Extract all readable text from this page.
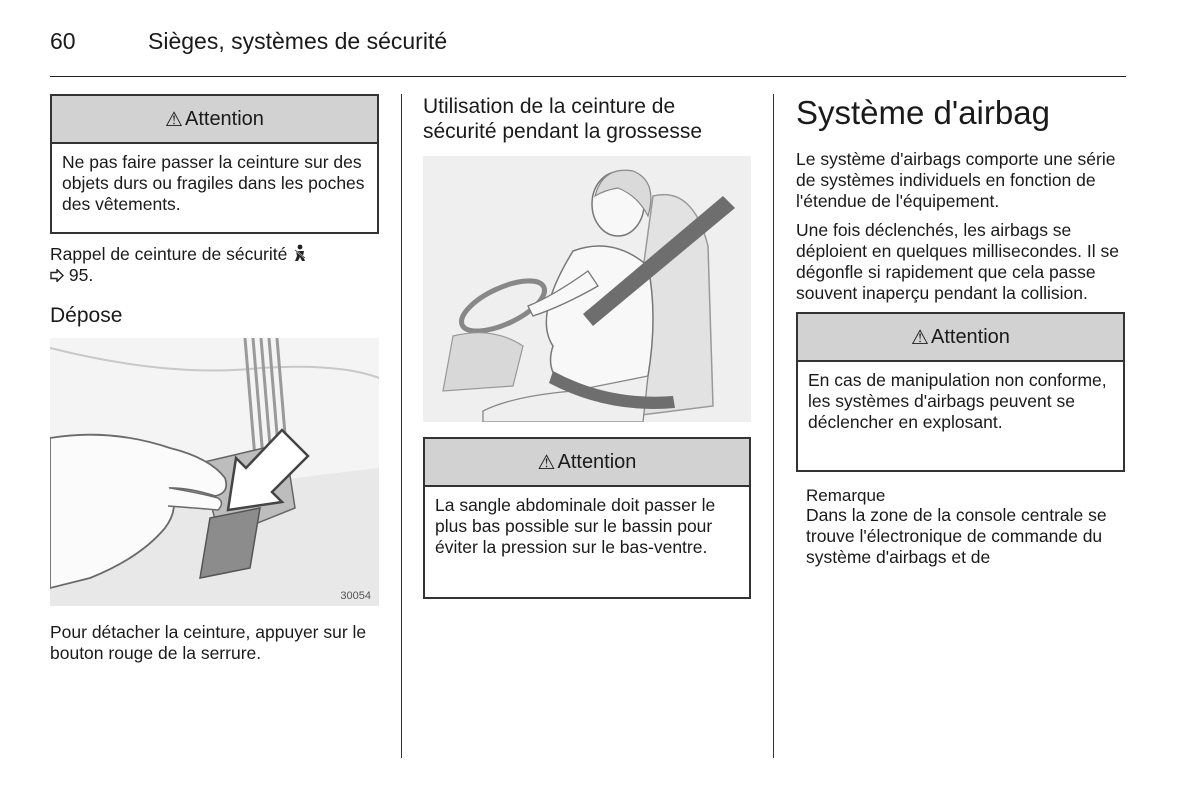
60	Sièges, systèmes de sécurité
⚠ Attention
Ne pas faire passer la ceinture sur des objets durs ou fragiles dans les poches des vêtements.

Rappel de ceinture de sécurité
95.

Dépose
30054

Pour détacher la ceinture, appuyer sur le bouton rouge de la serrure.

Utilisation de la ceinture de sécurité pendant la grossesse
⚠ Attention
La sangle abdominale doit passer le plus bas possible sur le bassin pour éviter la pression sur le bas‑ventre.
Système d'airbag

Le système d'airbags comporte une série de systèmes individuels en fonction de l'étendue de l'équipement.

Une fois déclenchés, les airbags se déploient en quelques millisecondes. Il se dégonfle si rapidement que cela passe souvent inaperçu pendant la collision.

⚠ Attention
En cas de manipulation non conforme, les systèmes d'airbags peuvent se déclencher en explosant.
Remarque

Dans la zone de la console centrale se trouve l'électronique de commande du système d'airbags et de
